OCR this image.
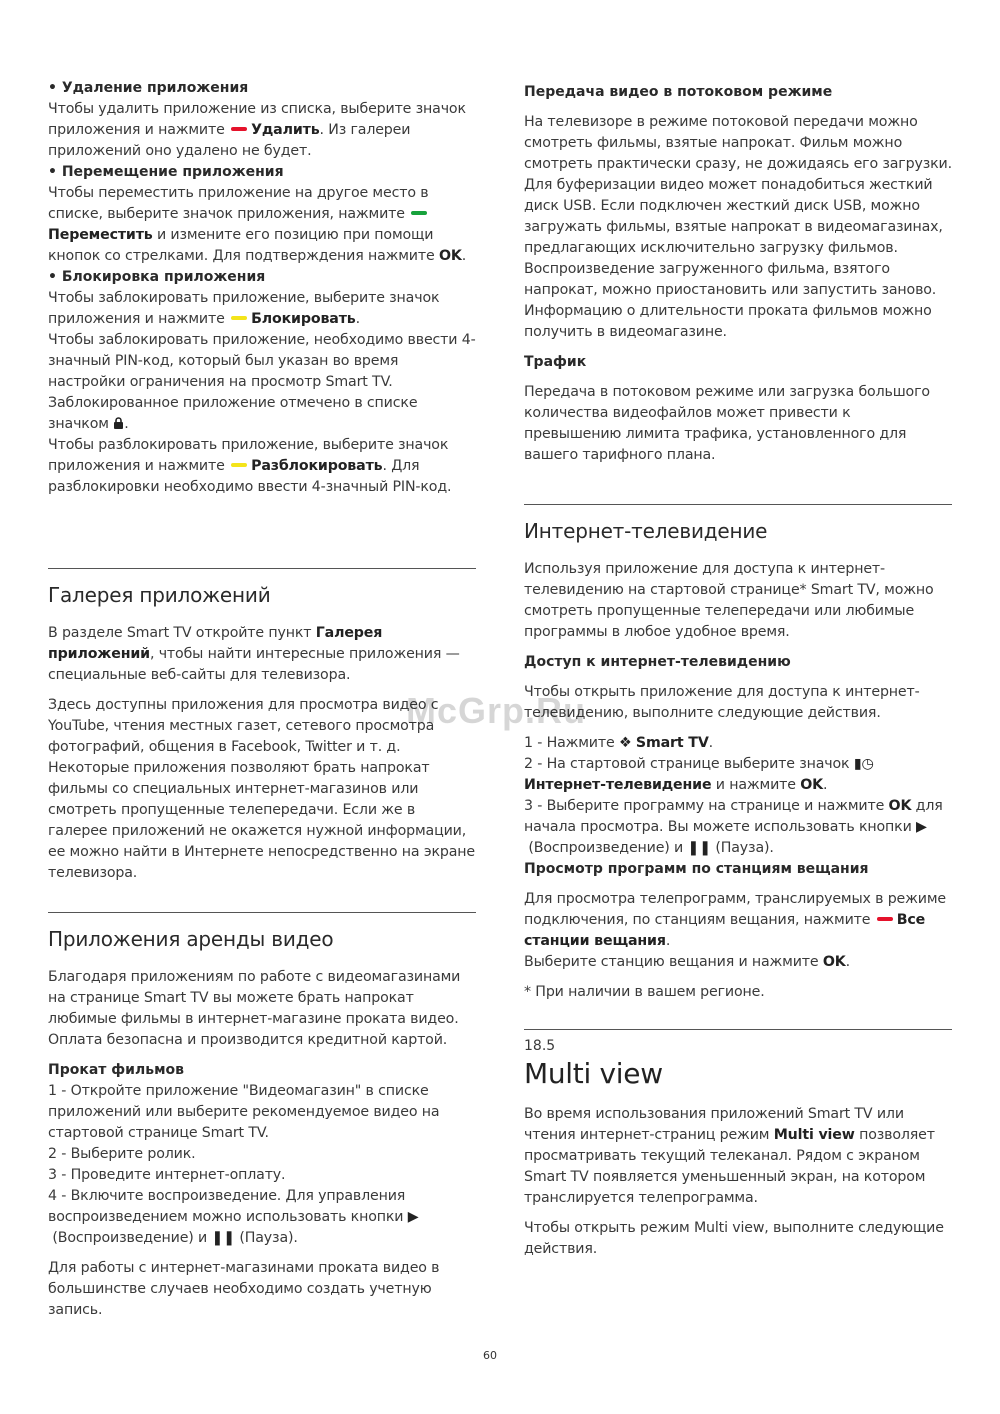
• Удаление приложения

Чтобы удалить приложение из списка, выберите значок приложения и нажмите Удалить. Из галереи приложений оно удалено не будет.

• Перемещение приложения

Чтобы переместить приложение на другое место в списке, выберите значок приложения, нажмите Переместить и измените его позицию при помощи кнопок со стрелками. Для подтверждения нажмите OK.

• Блокировка приложения

Чтобы заблокировать приложение, выберите значок приложения и нажмите Блокировать.

Чтобы заблокировать приложение, необходимо ввести 4-значный PIN-код, который был указан во время настройки ограничения на просмотр Smart TV. Заблокированное приложение отмечено в списке значком .

Чтобы разблокировать приложение, выберите значок приложения и нажмите Разблокировать. Для разблокировки необходимо ввести 4-значный PIN-код.

Галерея приложений

В разделе Smart TV откройте пункт Галерея приложений, чтобы найти интересные приложения — специальные веб-сайты для телевизора.

Здесь доступны приложения для просмотра видео с YouTube, чтения местных газет, сетевого просмотра фотографий, общения в Facebook, Twitter и т. д. Некоторые приложения позволяют брать напрокат фильмы со специальных интернет-магазинов или смотреть пропущенные телепередачи. Если же в галерее приложений не окажется нужной информации, ее можно найти в Интернете непосредственно на экране телевизора.

Приложения аренды видео

Благодаря приложениям по работе с видеомагазинами на странице Smart TV вы можете брать напрокат любимые фильмы в интернет-магазине проката видео. Оплата безопасна и производится кредитной картой.

Прокат фильмов

1 - Откройте приложение "Видеомагазин" в списке приложений или выберите рекомендуемое видео на стартовой странице Smart TV.

2 - Выберите ролик.

3 - Проведите интернет-оплату.

4 - Включите воспроизведение. Для управления воспроизведением можно использовать кнопки ▶
(Воспроизведение) и ❚❚ (Пауза).

Для работы с интернет-магазинами проката видео в большинстве случаев необходимо создать учетную запись.

Передача видео в потоковом режиме

На телевизоре в режиме потоковой передачи можно смотреть фильмы, взятые напрокат. Фильм можно смотреть практически сразу, не дожидаясь его загрузки. Для буферизации видео может понадобиться жесткий диск USB. Если подключен жесткий диск USB, можно загружать фильмы, взятые напрокат в видеомагазинах, предлагающих исключительно загрузку фильмов. Воспроизведение загруженного фильма, взятого напрокат, можно приостановить или запустить заново. Информацию о длительности проката фильмов можно получить в видеомагазине.

Трафик

Передача в потоковом режиме или загрузка большого количества видеофайлов может привести к превышению лимита трафика, установленного для вашего тарифного плана.

Интернет-телевидение

Используя приложение для доступа к интернет-телевидению на стартовой странице* Smart TV, можно смотреть пропущенные телепередачи или любимые программы в любое удобное время.

Доступ к интернет-телевидению

Чтобы открыть приложение для доступа к интернет-телевидению, выполните следующие действия.

1 - Нажмите ❖ Smart TV.

2 - На стартовой странице выберите значок ▮◷ Интернет-телевидение и нажмите OK.

3 - Выберите программу на странице и нажмите OK для начала просмотра. Вы можете использовать кнопки ▶
(Воспроизведение) и ❚❚ (Пауза).

Просмотр программ по станциям вещания

Для просмотра телепрограмм, транслируемых в режиме подключения, по станциям вещания, нажмите Все станции вещания.

Выберите станцию вещания и нажмите OK.

* При наличии в вашем регионе.

18.5

Multi view

Во время использования приложений Smart TV или чтения интернет-страниц режим Multi view позволяет просматривать текущий телеканал. Рядом с экраном Smart TV появляется уменьшенный экран, на котором транслируется телепрограмма.

Чтобы открыть режим Multi view, выполните следующие действия.

McGrp.Ru
60
